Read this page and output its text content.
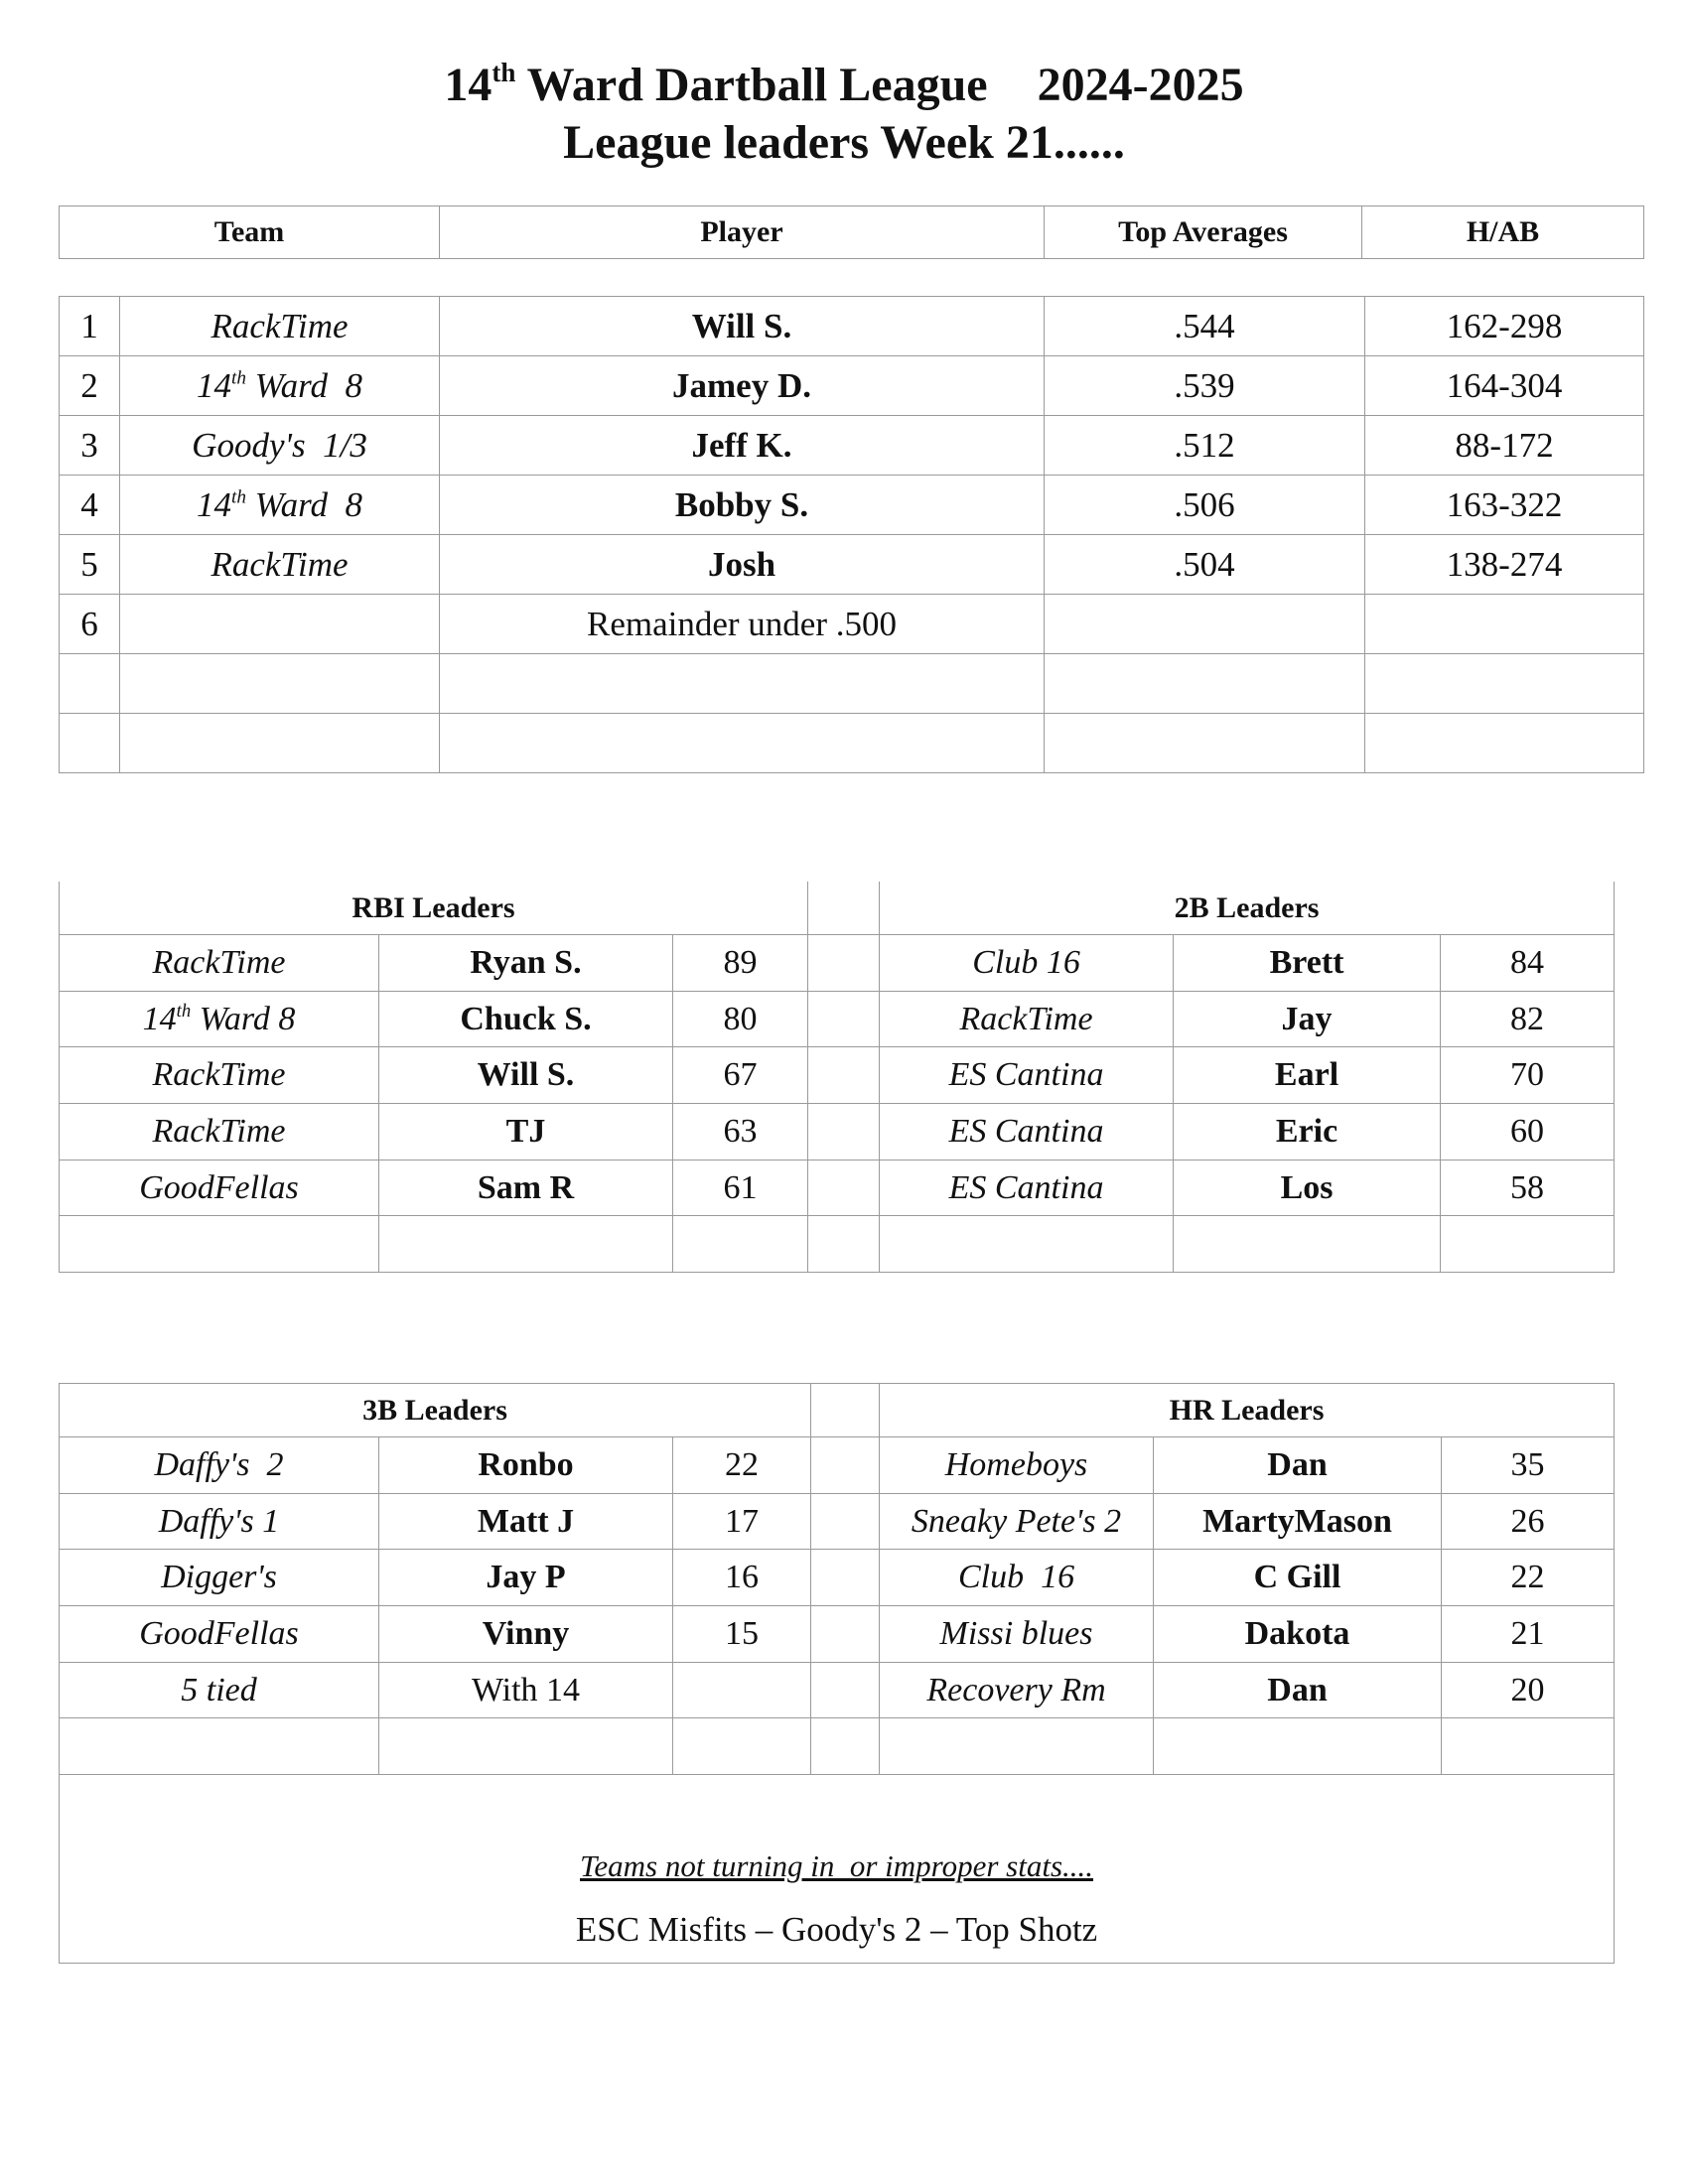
14th Ward Dartball League 2024-2025
League leaders Week 21......
Team	Player	Top Averages	H/AB
1	RackTime	Will S.	.544	162-298
2	14th Ward  8	Jamey D.	.539	164-304
3	Goody's  1/3	Jeff K.	.512	88-172
4	14th Ward  8	Bobby S.	.506	163-322
5	RackTime	Josh	.504	138-274
6		Remainder under .500		

RBI Leaders				2B Leaders		
RackTime	Ryan S.	89		Club 16	Brett	84
14th Ward 8	Chuck S.	80		RackTime	Jay	82
RackTime	Will S.	67		ES Cantina	Earl	70
RackTime	TJ	63		ES Cantina	Eric	60
GoodFellas	Sam R	61		ES Cantina	Los	58

3B Leaders				HR Leaders		
Daffy's  2	Ronbo	22		Homeboys	Dan	35
Daffy's 1	Matt J	17		Sneaky Pete's 2	MartyMason	26
Digger's	Jay P	16		Club  16	C Gill	22
GoodFellas	Vinny	15		Missi blues	Dakota	21
5 tied	With 14			Recovery Rm	Dan	20

Teams not turning in  or improper stats....
ESC Misfits – Goody's 2 – Top Shotz						
